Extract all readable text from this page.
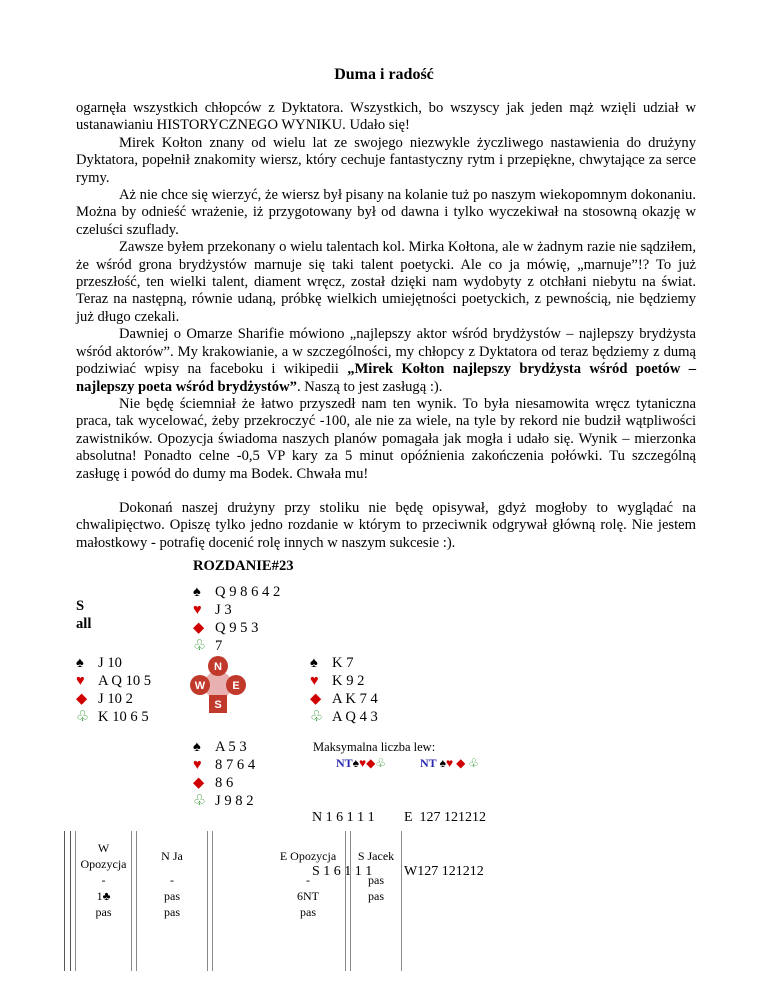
Duma i radość

ogarnęła wszystkich chłopców z Dyktatora. Wszystkich, bo wszyscy jak jeden mąż wzięli udział w ustanawianiu HISTORYCZNEGO WYNIKU. Udało się!

Mirek Kołton znany od wielu lat ze swojego niezwykle życzliwego nastawienia do drużyny Dyktatora, popełnił znakomity wiersz, który cechuje fantastyczny rytm i przepiękne, chwytające za serce rymy.

Aż nie chce się wierzyć, że wiersz był pisany na kolanie tuż po naszym wiekopomnym dokonaniu. Można by odnieść wrażenie, iż przygotowany był od dawna i tylko wyczekiwał na stosowną okazję w czeluści szuflady.

Zawsze byłem przekonany o wielu talentach kol. Mirka Kołtona, ale w żadnym razie nie sądziłem, że wśród grona brydżystów marnuje się taki talent poetycki. Ale co ja mówię, „marnuje”!? To już przeszłość, ten wielki talent, diament wręcz, został dzięki nam wydobyty z otchłani niebytu na świat. Teraz na następną, równie udaną, próbkę wielkich umiejętności poetyckich, z pewnością, nie będziemy już długo czekali.

Dawniej o Omarze Sharifie mówiono „najlepszy aktor wśród brydżystów – najlepszy brydżysta wśród aktorów”. My krakowianie, a w szczególności, my chłopcy z Dyktatora od teraz będziemy z dumą podziwiać wpisy na faceboku i wikipedii „Mirek Kołton najlepszy brydżysta wśród poetów – najlepszy poeta wśród brydżystów”. Naszą to jest zasługą :).

Nie będę ściemniał że łatwo przyszedł nam ten wynik. To była niesamowita wręcz tytaniczna praca, tak wycelować, żeby przekroczyć -100, ale nie za wiele, na tyle by rekord nie budził wątpliwości zawistników. Opozycja świadoma naszych planów pomagała jak mogła i udało się. Wynik – mierzonka absolutna! Ponadto celne -0,5 VP kary za 5 minut opóźnienia zakończenia połówki. Tu szczególną zasługę i powód do dumy ma Bodek. Chwała mu!

Dokonań naszej drużyny przy stoliku nie będę opisywał, gdyż mogłoby to wyglądać na chwalipięctwo. Opiszę tylko jedno rozdanie w którym to przeciwnik odgrywał główną rolę. Nie jestem małostkowy - potrafię docenić rolę innych w naszym sukcesie :).

ROZDANIE#23
S
all
♠ Q 9 8 6 4 2
♥ J 3
◆ Q 9 5 3
♧ 7
♠ J 10
♥ A Q 10 5
◆ J 10 2
♧ K 10 6 5
N
W E
S
♠ K 7
♥ K 9 2
◆ A K 7 4
♧ A Q 4 3
♠ A 5 3
♥ 8 7 6 4
◆ 8 6
♧ J 9 8 2
Maksymalna liczba lew:
NT♠♥◆♧	NT ♠♥ ◆ ♧

N 1 6 1 1 1

S 1 6 1 1 1

E  127 121212

W127 121212

W
Opozycja
-
1♣
pas
N Ja
-
pas
pas
E Opozycja
-
6NT
pas
S Jacek
pas
pas
